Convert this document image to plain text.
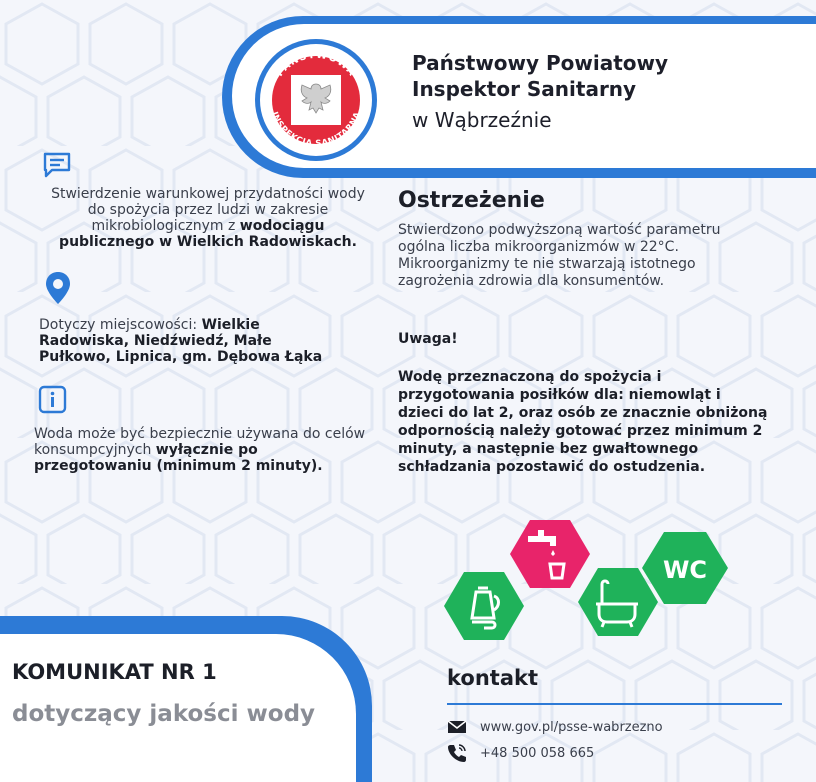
PAŃSTWOWA
INSPEKCJA SANITARNA
Państwowy Powiatowy
Inspektor Sanitarny
w Wąbrzeźnie
Stwierdzenie warunkowej przydatności wody do spożycia przez ludzi w zakresie mikrobiologicznym z wodociągu publicznego w Wielkich Radowiskach.
Dotyczy miejscowości: Wielkie Radowiska, Niedźwiedź, Małe Pułkowo, Lipnica, gm. Dębowa Łąka
Woda może być bezpiecznie używana do celów konsumpcyjnych wyłącznie po przegotowaniu (minimum 2 minuty).
Ostrzeżenie
Stwierdzono podwyższoną wartość parametru ogólna liczba mikroorganizmów w 22°C.
Mikroorganizmy te nie stwarzają istotnego zagrożenia zdrowia dla konsumentów.
Uwaga!
Wodę przeznaczoną do spożycia i przygotowania posiłków dla: niemowląt i dzieci do lat 2, oraz osób ze znacznie obniżoną odpornością należy gotować przez minimum 2 minuty, a następnie bez gwałtownego schładzania pozostawić do ostudzenia.
WC
KOMUNIKAT NR 1
dotyczący jakości wody
kontakt
www.gov.pl/psse-wabrzezno
+48 500 058 665
